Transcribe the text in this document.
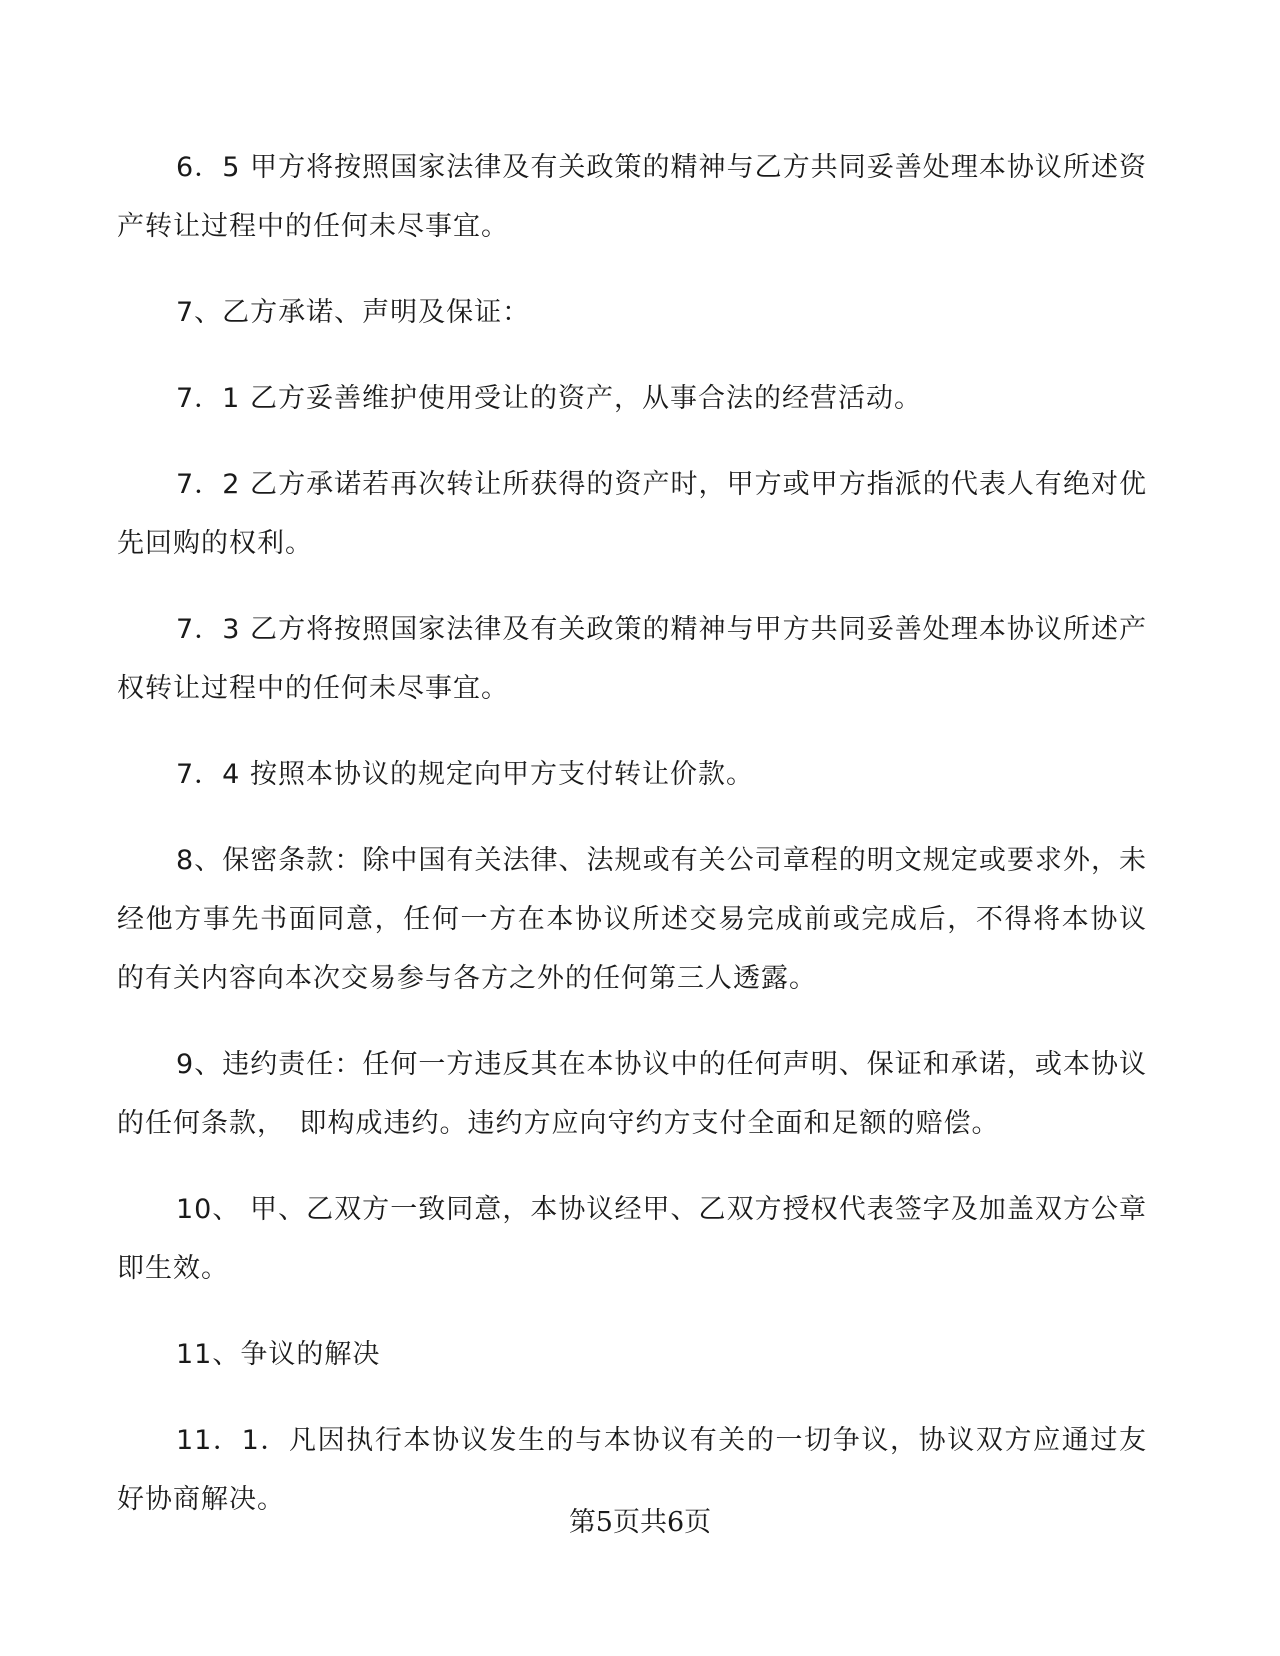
6．5 甲方将按照国家法律及有关政策的精神与乙方共同妥善处理本协议所述资产转让过程中的任何未尽事宜。

7、乙方承诺、声明及保证：

7．1 乙方妥善维护使用受让的资产，从事合法的经营活动。

7．2 乙方承诺若再次转让所获得的资产时，甲方或甲方指派的代表人有绝对优先回购的权利。

7．3 乙方将按照国家法律及有关政策的精神与甲方共同妥善处理本协议所述产权转让过程中的任何未尽事宜。

7．4 按照本协议的规定向甲方支付转让价款。

8、保密条款：除中国有关法律、法规或有关公司章程的明文规定或要求外，未经他方事先书面同意，任何一方在本协议所述交易完成前或完成后，不得将本协议的有关内容向本次交易参与各方之外的任何第三人透露。

9、违约责任：任何一方违反其在本协议中的任何声明、保证和承诺，或本协议的任何条款，　即构成违约。违约方应向守约方支付全面和足额的赔偿。

10、 甲、乙双方一致同意，本协议经甲、乙双方授权代表签字及加盖双方公章即生效。

11、争议的解决

11．1．凡因执行本协议发生的与本协议有关的一切争议，协议双方应通过友好协商解决。

第5页共6页
